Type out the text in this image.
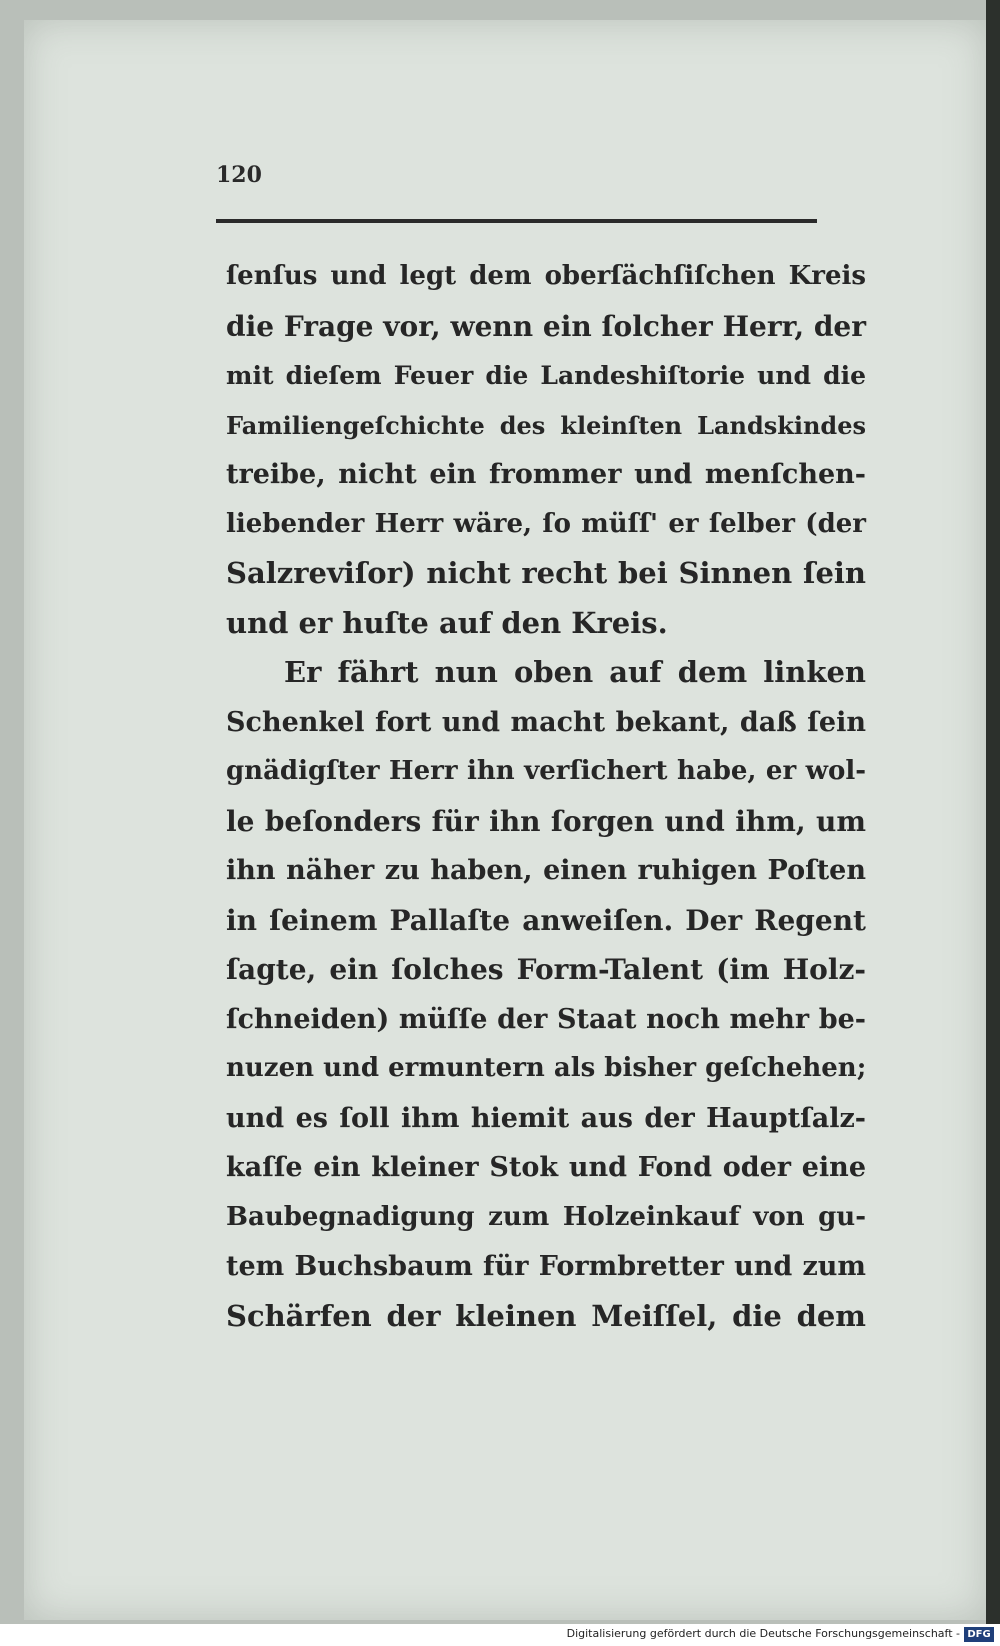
120
ſenſus und legt dem oberſächſiſchen Kreis
die Frage vor, wenn ein ſolcher Herr, der
mit dieſem Feuer die Landeshiſtorie und die
Familiengeſchichte des kleinſten Landskindes
treibe, nicht ein frommer und menſchen-
liebender Herr wäre, ſo müſſ' er ſelber (der
Salzreviſor) nicht recht bei Sinnen ſein
und er huſte auf den Kreis.
Er fährt nun oben auf dem linken
Schenkel fort und macht bekant, daß ſein
gnädigſter Herr ihn verſichert habe, er wol-
le beſonders für ihn ſorgen und ihm, um
ihn näher zu haben, einen ruhigen Poſten
in ſeinem Pallaſte anweiſen. Der Regent
ſagte, ein ſolches Form-Talent (im Holz-
ſchneiden) müſſe der Staat noch mehr be-
nuzen und ermuntern als bisher geſchehen;
und es ſoll ihm hiemit aus der Hauptſalz-
kaſſe ein kleiner Stok und Fond oder eine
Baubegnadigung zum Holzeinkauf von gu-
tem Buchsbaum für Formbretter und zum
Schärfen der kleinen Meiſſel, die dem
Digitalisierung gefördert durch die Deutsche Forschungsgemeinschaft - DFG
